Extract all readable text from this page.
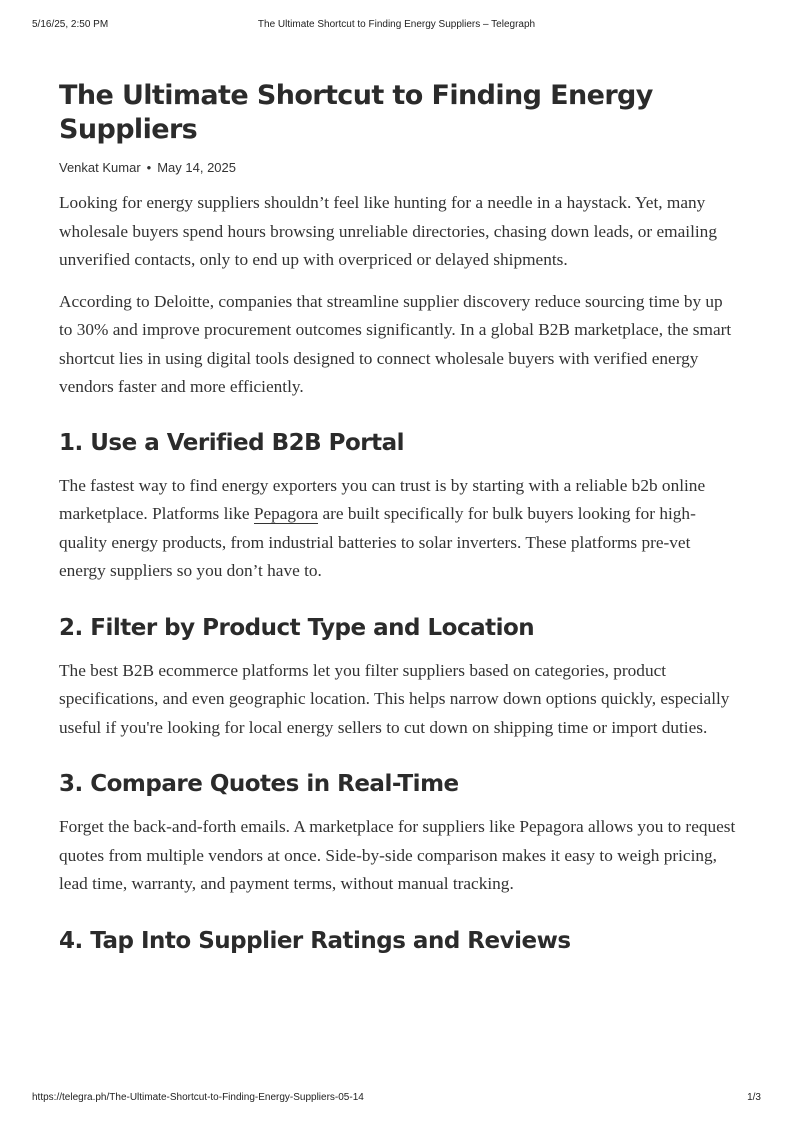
5/16/25, 2:50 PM	The Ultimate Shortcut to Finding Energy Suppliers – Telegraph
The Ultimate Shortcut to Finding Energy Suppliers
Venkat Kumar • May 14, 2025

Looking for energy suppliers shouldn’t feel like hunting for a needle in a haystack. Yet, many wholesale buyers spend hours browsing unreliable directories, chasing down leads, or emailing unverified contacts, only to end up with overpriced or delayed shipments.

According to Deloitte, companies that streamline supplier discovery reduce sourcing time by up to 30% and improve procurement outcomes significantly. In a global B2B marketplace, the smart shortcut lies in using digital tools designed to connect wholesale buyers with verified energy vendors faster and more efficiently.

1. Use a Verified B2B Portal

The fastest way to find energy exporters you can trust is by starting with a reliable b2b online marketplace. Platforms like Pepagora are built specifically for bulk buyers looking for high-quality energy products, from industrial batteries to solar inverters. These platforms pre-vet energy suppliers so you don’t have to.

2. Filter by Product Type and Location

The best B2B ecommerce platforms let you filter suppliers based on categories, product specifications, and even geographic location. This helps narrow down options quickly, especially useful if you're looking for local energy sellers to cut down on shipping time or import duties.

3. Compare Quotes in Real-Time

Forget the back-and-forth emails. A marketplace for suppliers like Pepagora allows you to request quotes from multiple vendors at once. Side-by-side comparison makes it easy to weigh pricing, lead time, warranty, and payment terms, without manual tracking.

4. Tap Into Supplier Ratings and Reviews
https://telegra.ph/The-Ultimate-Shortcut-to-Finding-Energy-Suppliers-05-14	1/3
